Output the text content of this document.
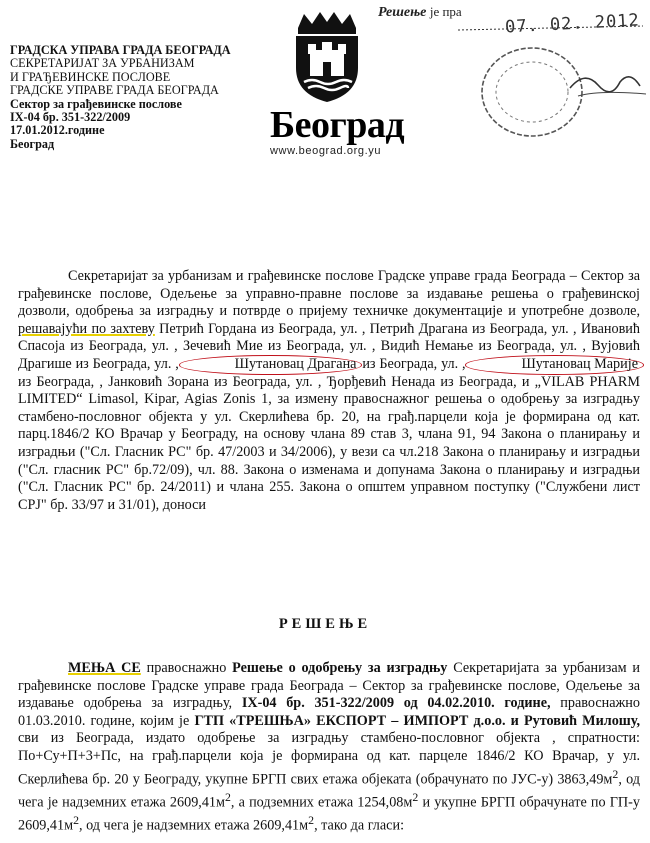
ГРАДСКА УПРАВА ГРАДА БЕОГРАДА
СЕКРЕТАРИЈАТ ЗА УРБАНИЗАМ
И ГРАЂЕВИНСКЕ ПОСЛОВЕ
ГРАДСКЕ УПРАВЕ ГРАДА БЕОГРАДА
Сектор за грађевинске послове
IX-04 бр. 351-322/2009
17.01.2012.године
Београд	Београд
www.beograd.org.yu
Решење је пра	07. 02. 2012

Секретаријат за урбанизам и грађевинске послове Градске управе града Београда – Сектор за грађевинске послове, Одељење за управно-правне послове за издавање решења о грађевинској дозволи, одобрења за изградњу и потврде о пријему техничке документације и употребне дозволе, решавајући по захтеву Петрић Гордана из Београда, ул. , Петрић Драгана из Београда, ул. , Ивановић Спасоја из Београда, ул. , Зечевић Мие из Београда, ул. , Видић Немање из Београда, ул. , Вујовић Драгише из Београда, ул. ,	Шутановац Драгана из Београда, ул. ,	Шутановац Марије из Београда, , Јанковић Зорана из Београда, ул. , Ђорђевић Ненада из Београда, и „VILAB PHARM LIMITED“ Limasol, Kipar, Agias Zonis 1, за измену правоснажног решења о одобрењу за изградњу стамбено-пословног објекта у ул. Скерлићева бр. 20, на грађ.парцели која је формирана од кат. парц.1846/2 КО Врачар у Београду, на основу члана 89 став 3, члана 91, 94 Закона о планирању и изградњи ("Сл. Гласник РС" бр. 47/2003 и 34/2006), у вези са чл.218 Закона о планирању и изградњи ("Сл. гласник РС" бр.72/09), чл. 88. Закона о изменама и допунама Закона о планирању и изградњи ("Сл. Гласник РС" бр. 24/2011) и члана 255. Закона о општем управном поступку ("Службени лист СРЈ" бр. 33/97 и 31/01), доноси

РЕШЕЊЕ

МЕЊА СЕ правоснажно Решење о одобрењу за изградњу Секретаријата за урбанизам и грађевинске послове Градске управе града Београда – Сектор за грађевинске послове, Одељење за издавање одобрења за изградњу, IX-04 бр. 351-322/2009 од 04.02.2010. године, правоснажно 01.03.2010. године, којим је ГТП «ТРЕШЊА» ЕКСПОРТ – ИМПОРТ д.о.о. и Рутовић Милошу, сви из Београда, издато одобрење за изградњу стамбено-пословног објекта , спратности: По+Су+П+3+Пс, на грађ.парцели која је формирана од кат. парцеле 1846/2 КО Врачар, у ул. Скерлићева бр. 20 у Београду, укупне БРГП свих етажа објеката (обрачунато по ЈУС-у) $3863,49м^2$, од чега је надземних етажа $2609,41м^2$, а подземних етажа $1254,08м^2$ и укупне БРГП обрачунате по ГП-у $2609,41м^2$, од чега је надземних етажа $2609,41м^2$, тако да гласи:
